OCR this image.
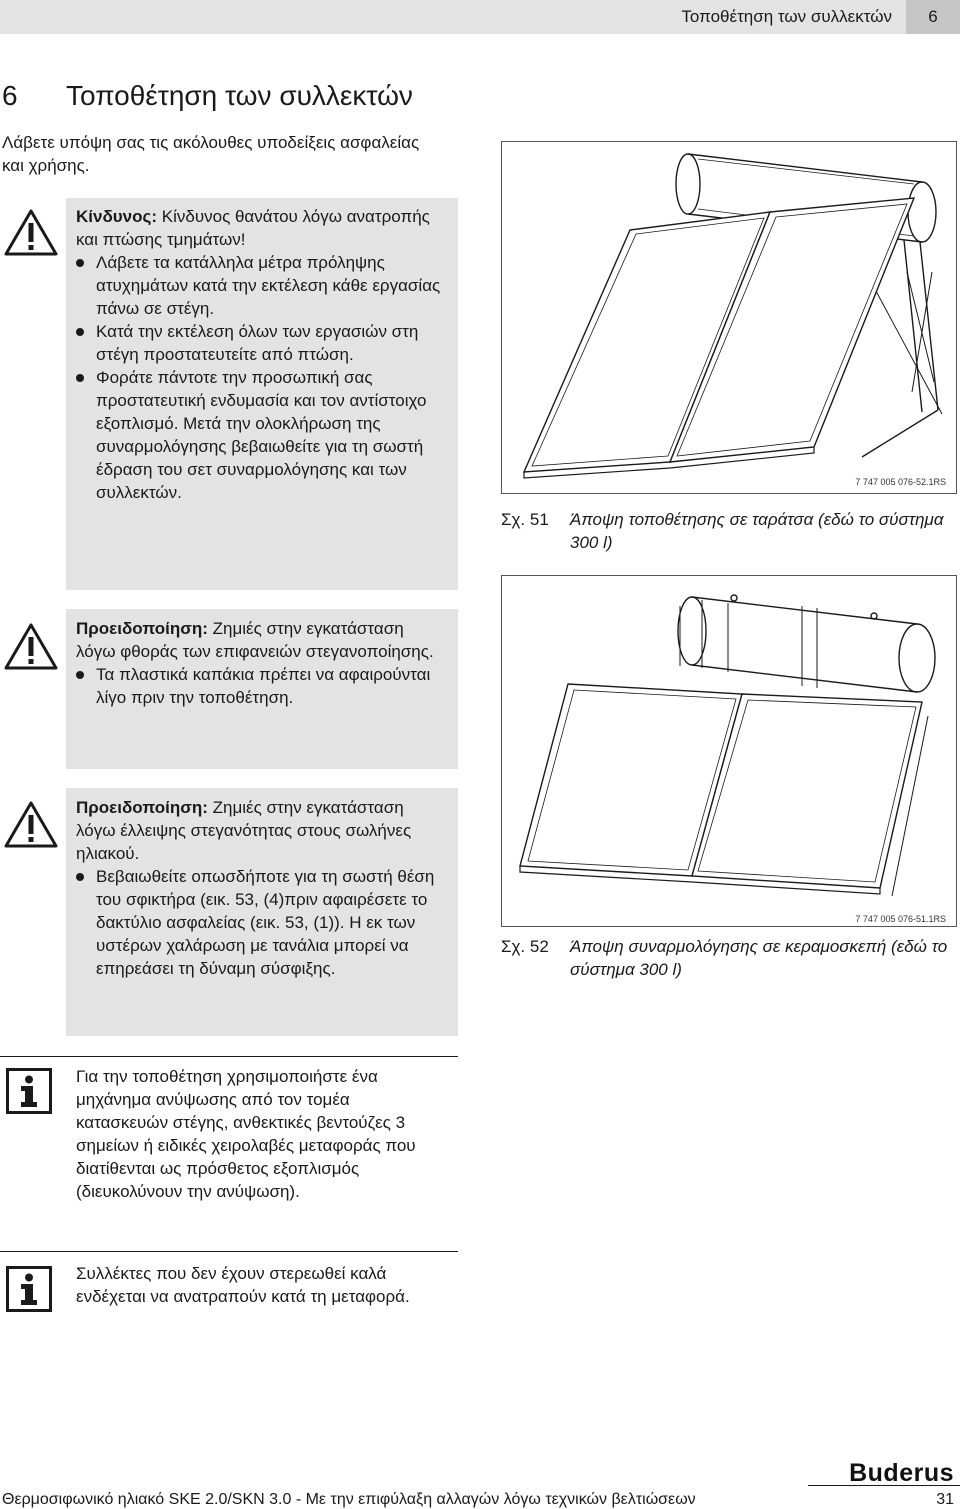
Τοποθέτηση των συλλεκτών	6
6 Τοποθέτηση των συλλεκτών
Λάβετε υπόψη σας τις ακόλουθες υποδείξεις ασφαλείας και χρήσης.
Κίνδυνος: Κίνδυνος θανάτου λόγω ανατροπής και πτώσης τμημάτων!
Λάβετε τα κατάλληλα μέτρα πρόληψης ατυχημάτων κατά την εκτέλεση κάθε εργασίας πάνω σε στέγη.
Κατά την εκτέλεση όλων των εργασιών στη στέγη προστατευτείτε από πτώση.
Φοράτε πάντοτε την προσωπική σας προστατευτική ενδυμασία και τον αντίστοιχο εξοπλισμό. Μετά την ολοκλήρωση της συναρμολόγησης βεβαιωθείτε για τη σωστή έδραση του σετ συναρμολόγησης και των συλλεκτών.
Προειδοποίηση: Ζημιές στην εγκατάσταση λόγω φθοράς των επιφανειών στεγανοποίησης.
Τα πλαστικά καπάκια πρέπει να αφαιρούνται λίγο πριν την τοποθέτηση.
Προειδοποίηση: Ζημιές στην εγκατάσταση λόγω έλλειψης στεγανότητας στους σωλήνες ηλιακού.
Βεβαιωθείτε οπωσδήποτε για τη σωστή θέση του σφικτήρα (εικ. 53, (4)πριν αφαιρέσετε το δακτύλιο ασφαλείας (εικ. 53, (1)). Η εκ των υστέρων χαλάρωση με τανάλια μπορεί να επηρεάσει τη δύναμη σύσφιξης.
Για την τοποθέτηση χρησιμοποιήστε ένα μηχάνημα ανύψωσης από τον τομέα κατασκευών στέγης, ανθεκτικές βεντούζες 3 σημείων ή ειδικές χειρολαβές μεταφοράς που διατίθενται ως πρόσθετος εξοπλισμός (διευκολύνουν την ανύψωση).
Συλλέκτες που δεν έχουν στερεωθεί καλά ενδέχεται να ανατραπούν κατά τη μεταφορά.
7 747 005 076-52.1RS
Σχ. 51 Άποψη τοποθέτησης σε ταράτσα (εδώ το σύστημα 300 l)
7 747 005 076-51.1RS
Σχ. 52 Άποψη συναρμολόγησης σε κεραμοσκεπή (εδώ το σύστημα 300 l)
Buderus
Θερμοσιφωνικό ηλιακό SKE 2.0/SKN 3.0 - Με την επιφύλαξη αλλαγών λόγω τεχνικών βελτιώσεων	31
